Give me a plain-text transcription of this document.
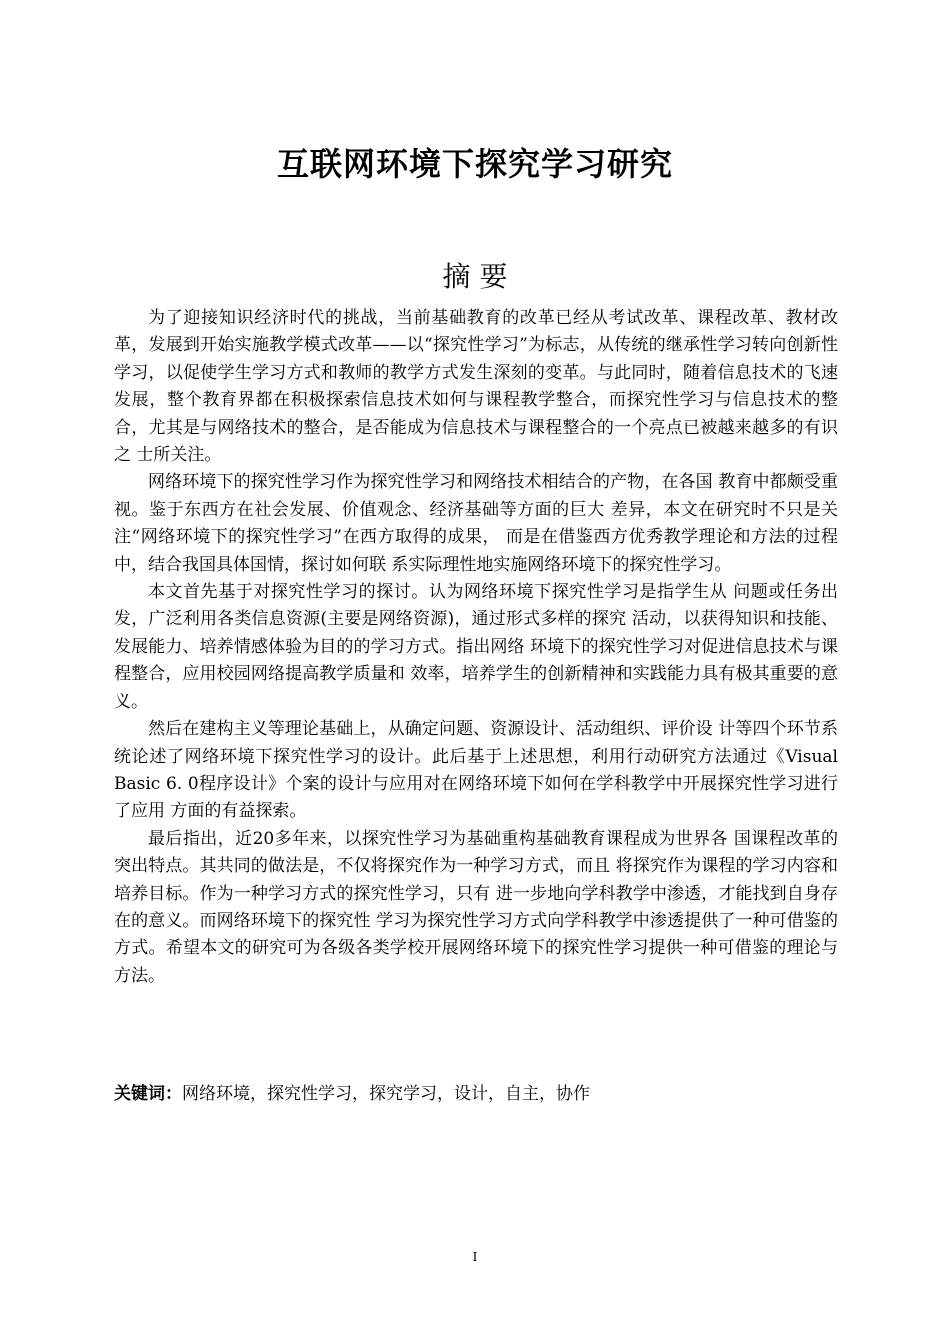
互联网环境下探究学习研究
摘 要

为了迎接知识经济时代的挑战，当前基础教育的改革已经从考试改革、课程改革、教材改革，发展到开始实施教学模式改革——以“探究性学习”为标志，从传统的继承性学习转向创新性学习，以促使学生学习方式和教师的教学方式发生深刻的变革。与此同时，随着信息技术的飞速发展，整个教育界都在积极探索信息技术如何与课程教学整合，而探究性学习与信息技术的整合，尤其是与网络技术的整合，是否能成为信息技术与课程整合的一个亮点已被越来越多的有识之 士所关注。

网络环境下的探究性学习作为探究性学习和网络技术相结合的产物，在各国 教育中都颇受重视。鉴于东西方在社会发展、价值观念、经济基础等方面的巨大 差异，本文在研究时不只是关注“网络环境下的探究性学习”在西方取得的成果， 而是在借鉴西方优秀教学理论和方法的过程中，结合我国具体国情，探讨如何联 系实际理性地实施网络环境下的探究性学习。

本文首先基于对探究性学习的探讨。认为网络环境下探究性学习是指学生从 问题或任务出发，广泛利用各类信息资源(主要是网络资源)，通过形式多样的探究 活动，以获得知识和技能、发展能力、培养情感体验为目的的学习方式。指出网络 环境下的探究性学习对促进信息技术与课程整合，应用校园网络提高教学质量和 效率，培养学生的创新精神和实践能力具有极其重要的意义。

然后在建构主义等理论基础上，从确定问题、资源设计、活动组织、评价设 计等四个环节系统论述了网络环境下探究性学习的设计。此后基于上述思想，利用行动研究方法通过《Visual Basic 6. 0程序设计》个案的设计与应用对在网络环境下如何在学科教学中开展探究性学习进行了应用 方面的有益探索。

最后指出，近20多年来，以探究性学习为基础重构基础教育课程成为世界各 国课程改革的突出特点。其共同的做法是，不仅将探究作为一种学习方式，而且 将探究作为课程的学习内容和培养目标。作为一种学习方式的探究性学习，只有 进一步地向学科教学中渗透，才能找到自身存在的意义。而网络环境下的探究性 学习为探究性学习方式向学科教学中渗透提供了一种可借鉴的方式。希望本文的研究可为各级各类学校开展网络环境下的探究性学习提供一种可借鉴的理论与方法。

关键词：网络环境，探究性学习，探究学习，设计，自主，协作
I
